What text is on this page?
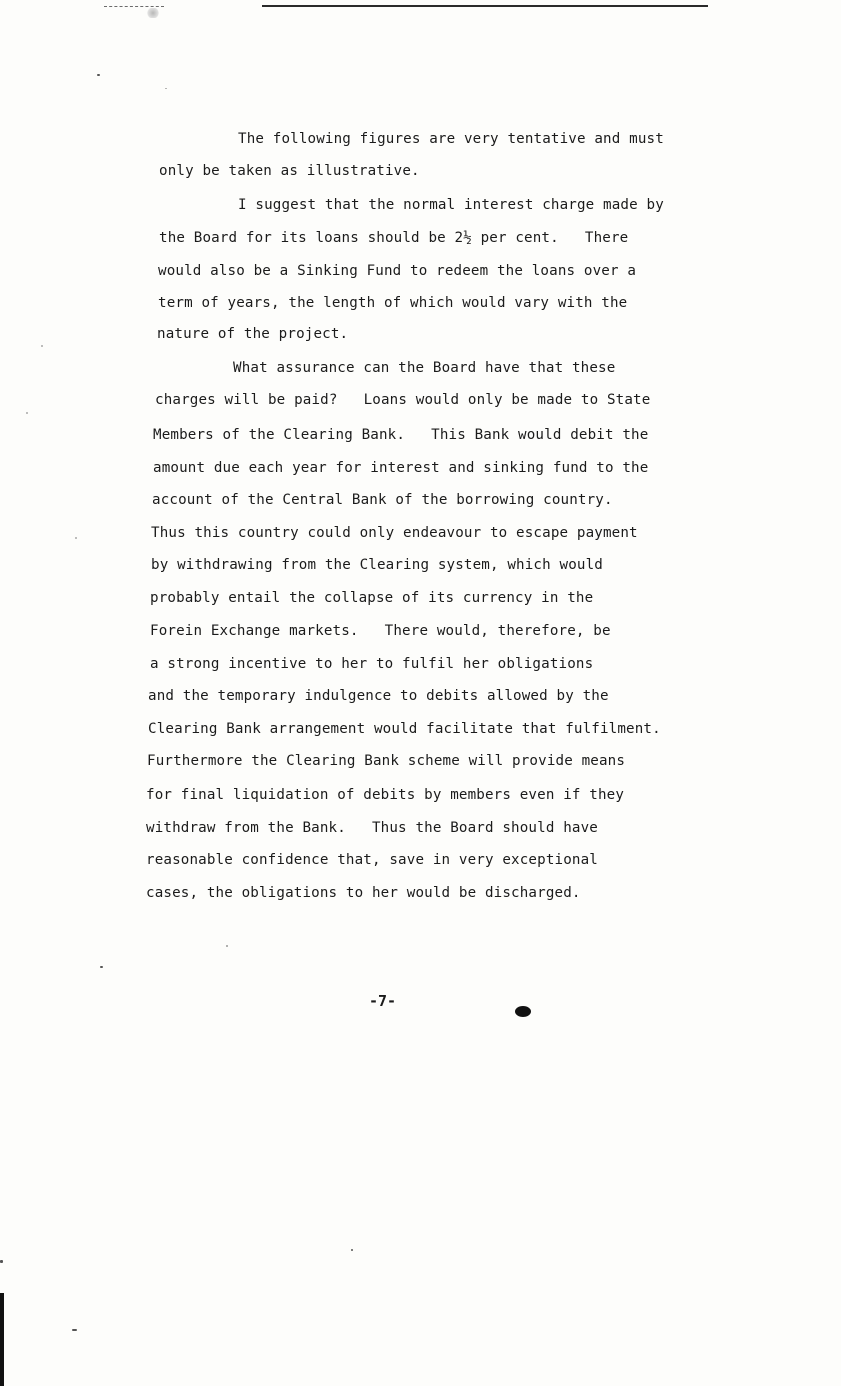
The following figures are very tentative and must
only be taken as illustrative.
I suggest that the normal interest charge made by
the Board for its loans should be 2½ per cent.   There
would also be a Sinking Fund to redeem the loans over a
term of years, the length of which would vary with the
nature of the project.
What assurance can the Board have that these
charges will be paid?   Loans would only be made to State
Members of the Clearing Bank.   This Bank would debit the
amount due each year for interest and sinking fund to the
account of the Central Bank of the borrowing country.
Thus this country could only endeavour to escape payment
by withdrawing from the Clearing system, which would
probably entail the collapse of its currency in the
Forein Exchange markets.   There would, therefore, be
a strong incentive to her to fulfil her obligations
and the temporary indulgence to debits allowed by the
Clearing Bank arrangement would facilitate that fulfilment.
Furthermore the Clearing Bank scheme will provide means
for final liquidation of debits by members even if they
withdraw from the Bank.   Thus the Board should have
reasonable confidence that, save in very exceptional
cases, the obligations to her would be discharged.
-7-
